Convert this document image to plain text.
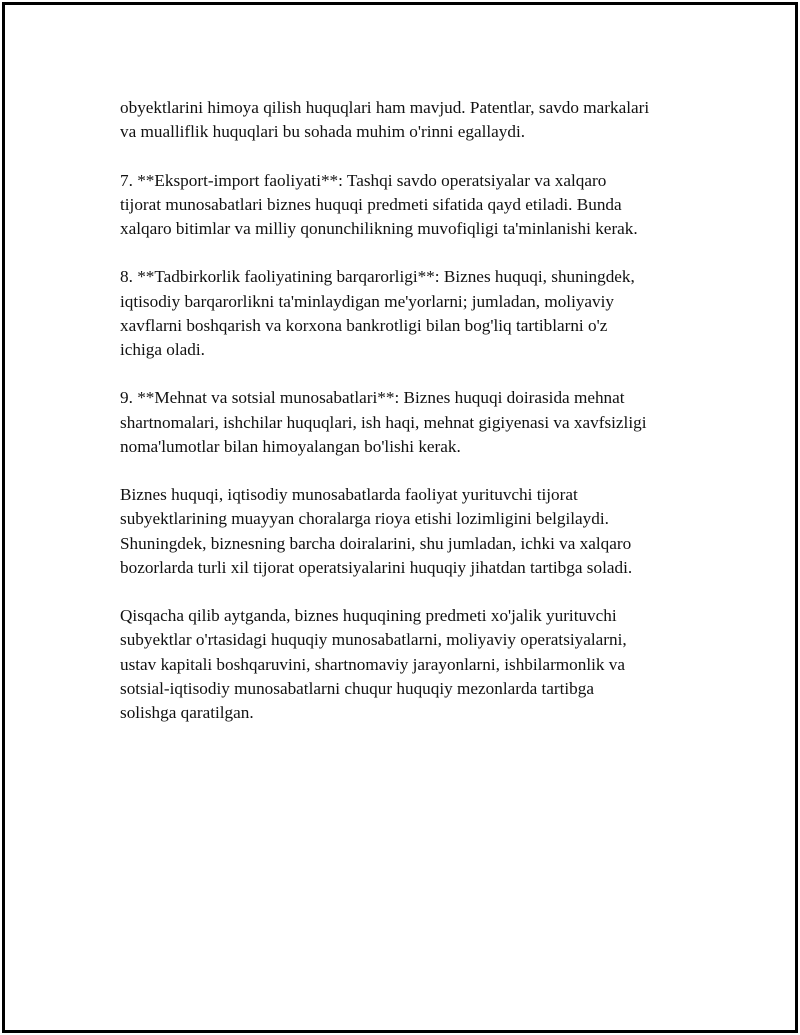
obyektlarini himoya qilish huquqlari ham mavjud. Patentlar, savdo markalari
va mualliflik huquqlari bu sohada muhim o'rinni egallaydi.

7. **Eksport-import faoliyati**: Tashqi savdo operatsiyalar va xalqaro
tijorat munosabatlari biznes huquqi predmeti sifatida qayd etiladi. Bunda
xalqaro bitimlar va milliy qonunchilikning muvofiqligi ta'minlanishi kerak.

8. **Tadbirkorlik faoliyatining barqarorligi**: Biznes huquqi, shuningdek,
iqtisodiy barqarorlikni ta'minlaydigan me'yorlarni; jumladan, moliyaviy
xavflarni boshqarish va korxona bankrotligi bilan bog'liq tartiblarni o'z
ichiga oladi.

9. **Mehnat va sotsial munosabatlari**: Biznes huquqi doirasida mehnat
shartnomalari, ishchilar huquqlari, ish haqi, mehnat gigiyenasi va xavfsizligi
noma'lumotlar bilan himoyalangan bo'lishi kerak.

Biznes huquqi, iqtisodiy munosabatlarda faoliyat yurituvchi tijorat
subyektlarining muayyan choralarga rioya etishi lozimligini belgilaydi.
Shuningdek, biznesning barcha doiralarini, shu jumladan, ichki va xalqaro
bozorlarda turli xil tijorat operatsiyalarini huquqiy jihatdan tartibga soladi.

Qisqacha qilib aytganda, biznes huquqining predmeti xo'jalik yurituvchi
subyektlar o'rtasidagi huquqiy munosabatlarni, moliyaviy operatsiyalarni,
ustav kapitali boshqaruvini, shartnomaviy jarayonlarni, ishbilarmonlik va
sotsial-iqtisodiy munosabatlarni chuqur huquqiy mezonlarda tartibga
solishga qaratilgan.
